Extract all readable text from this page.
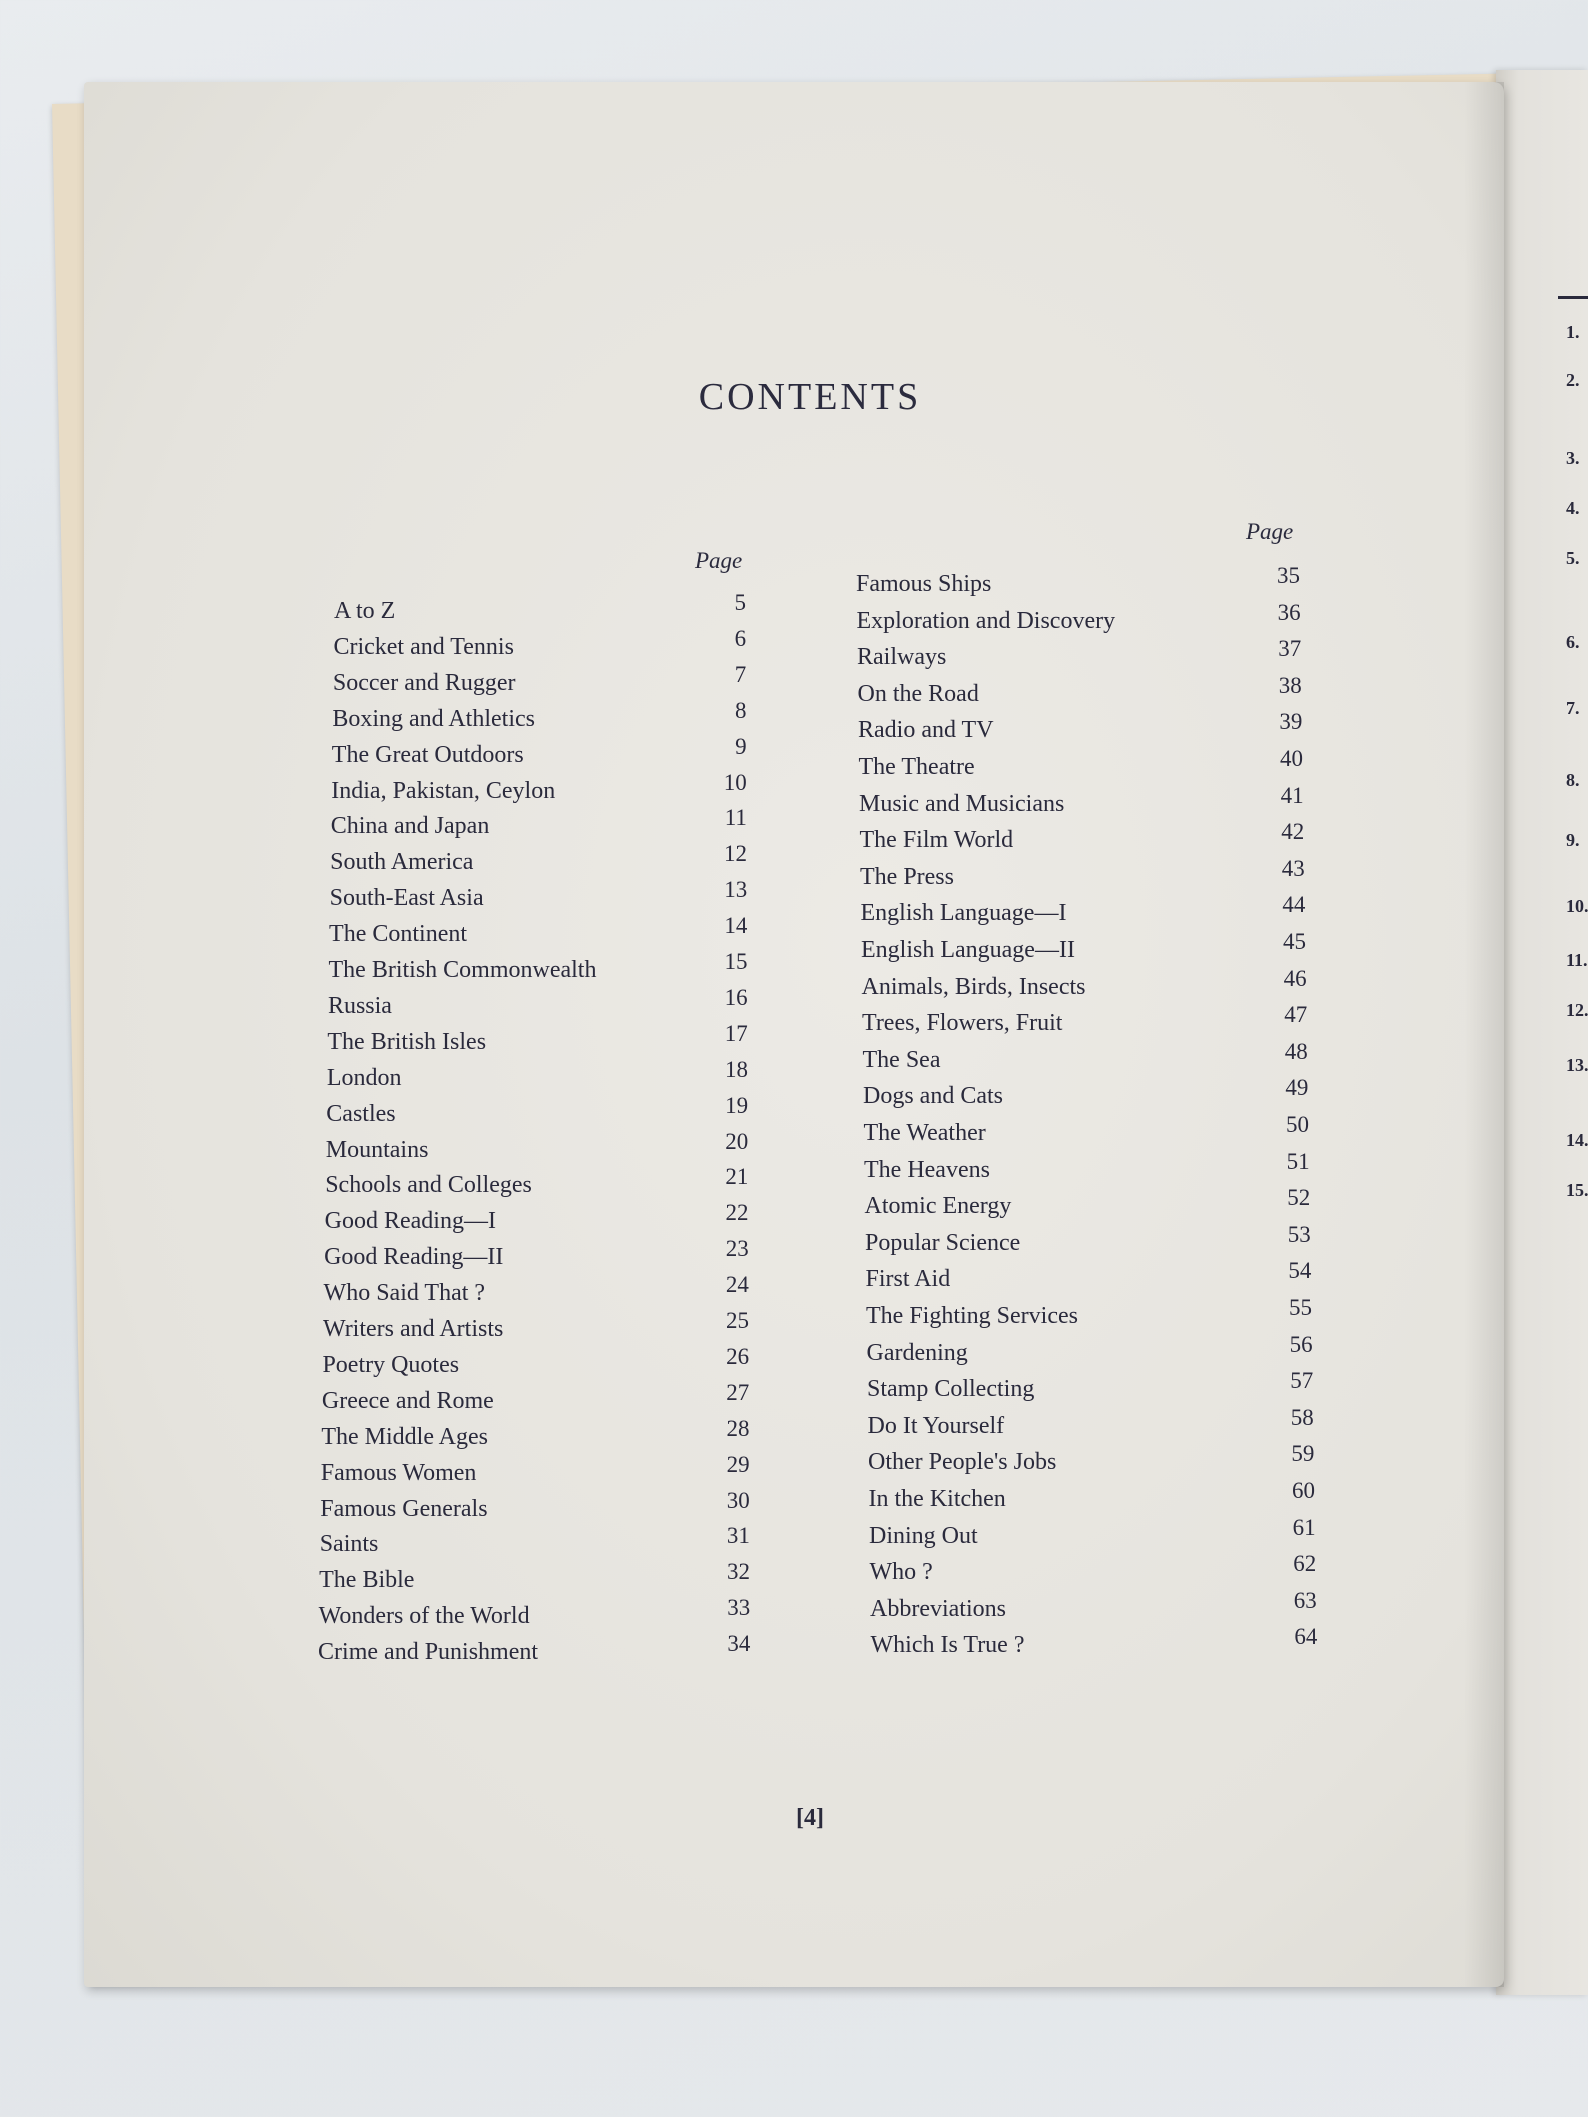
1.
2.
3.
4.
5.
6.
7.
8.
9.
10.
11.
12.
13.
14.
15.
CONTENTS
Page
Page
A to Z	5
Cricket and Tennis	6
Soccer and Rugger	7
Boxing and Athletics	8
The Great Outdoors	9
India, Pakistan, Ceylon	10
China and Japan	11
South America	12
South-East Asia	13
The Continent	14
The British Commonwealth	15
Russia	16
The British Isles	17
London	18
Castles	19
Mountains	20
Schools and Colleges	21
Good Reading—I	22
Good Reading—II	23
Who Said That ?	24
Writers and Artists	25
Poetry Quotes	26
Greece and Rome	27
The Middle Ages	28
Famous Women	29
Famous Generals	30
Saints	31
The Bible	32
Wonders of the World	33
Crime and Punishment	34
Famous Ships	35
Exploration and Discovery	36
Railways	37
On the Road	38
Radio and TV	39
The Theatre	40
Music and Musicians	41
The Film World	42
The Press	43
English Language—I	44
English Language—II	45
Animals, Birds, Insects	46
Trees, Flowers, Fruit	47
The Sea	48
Dogs and Cats	49
The Weather	50
The Heavens	51
Atomic Energy	52
Popular Science	53
First Aid	54
The Fighting Services	55
Gardening	56
Stamp Collecting	57
Do It Yourself	58
Other People's Jobs	59
In the Kitchen	60
Dining Out	61
Who ?	62
Abbreviations	63
Which Is True ?	64
[4]
